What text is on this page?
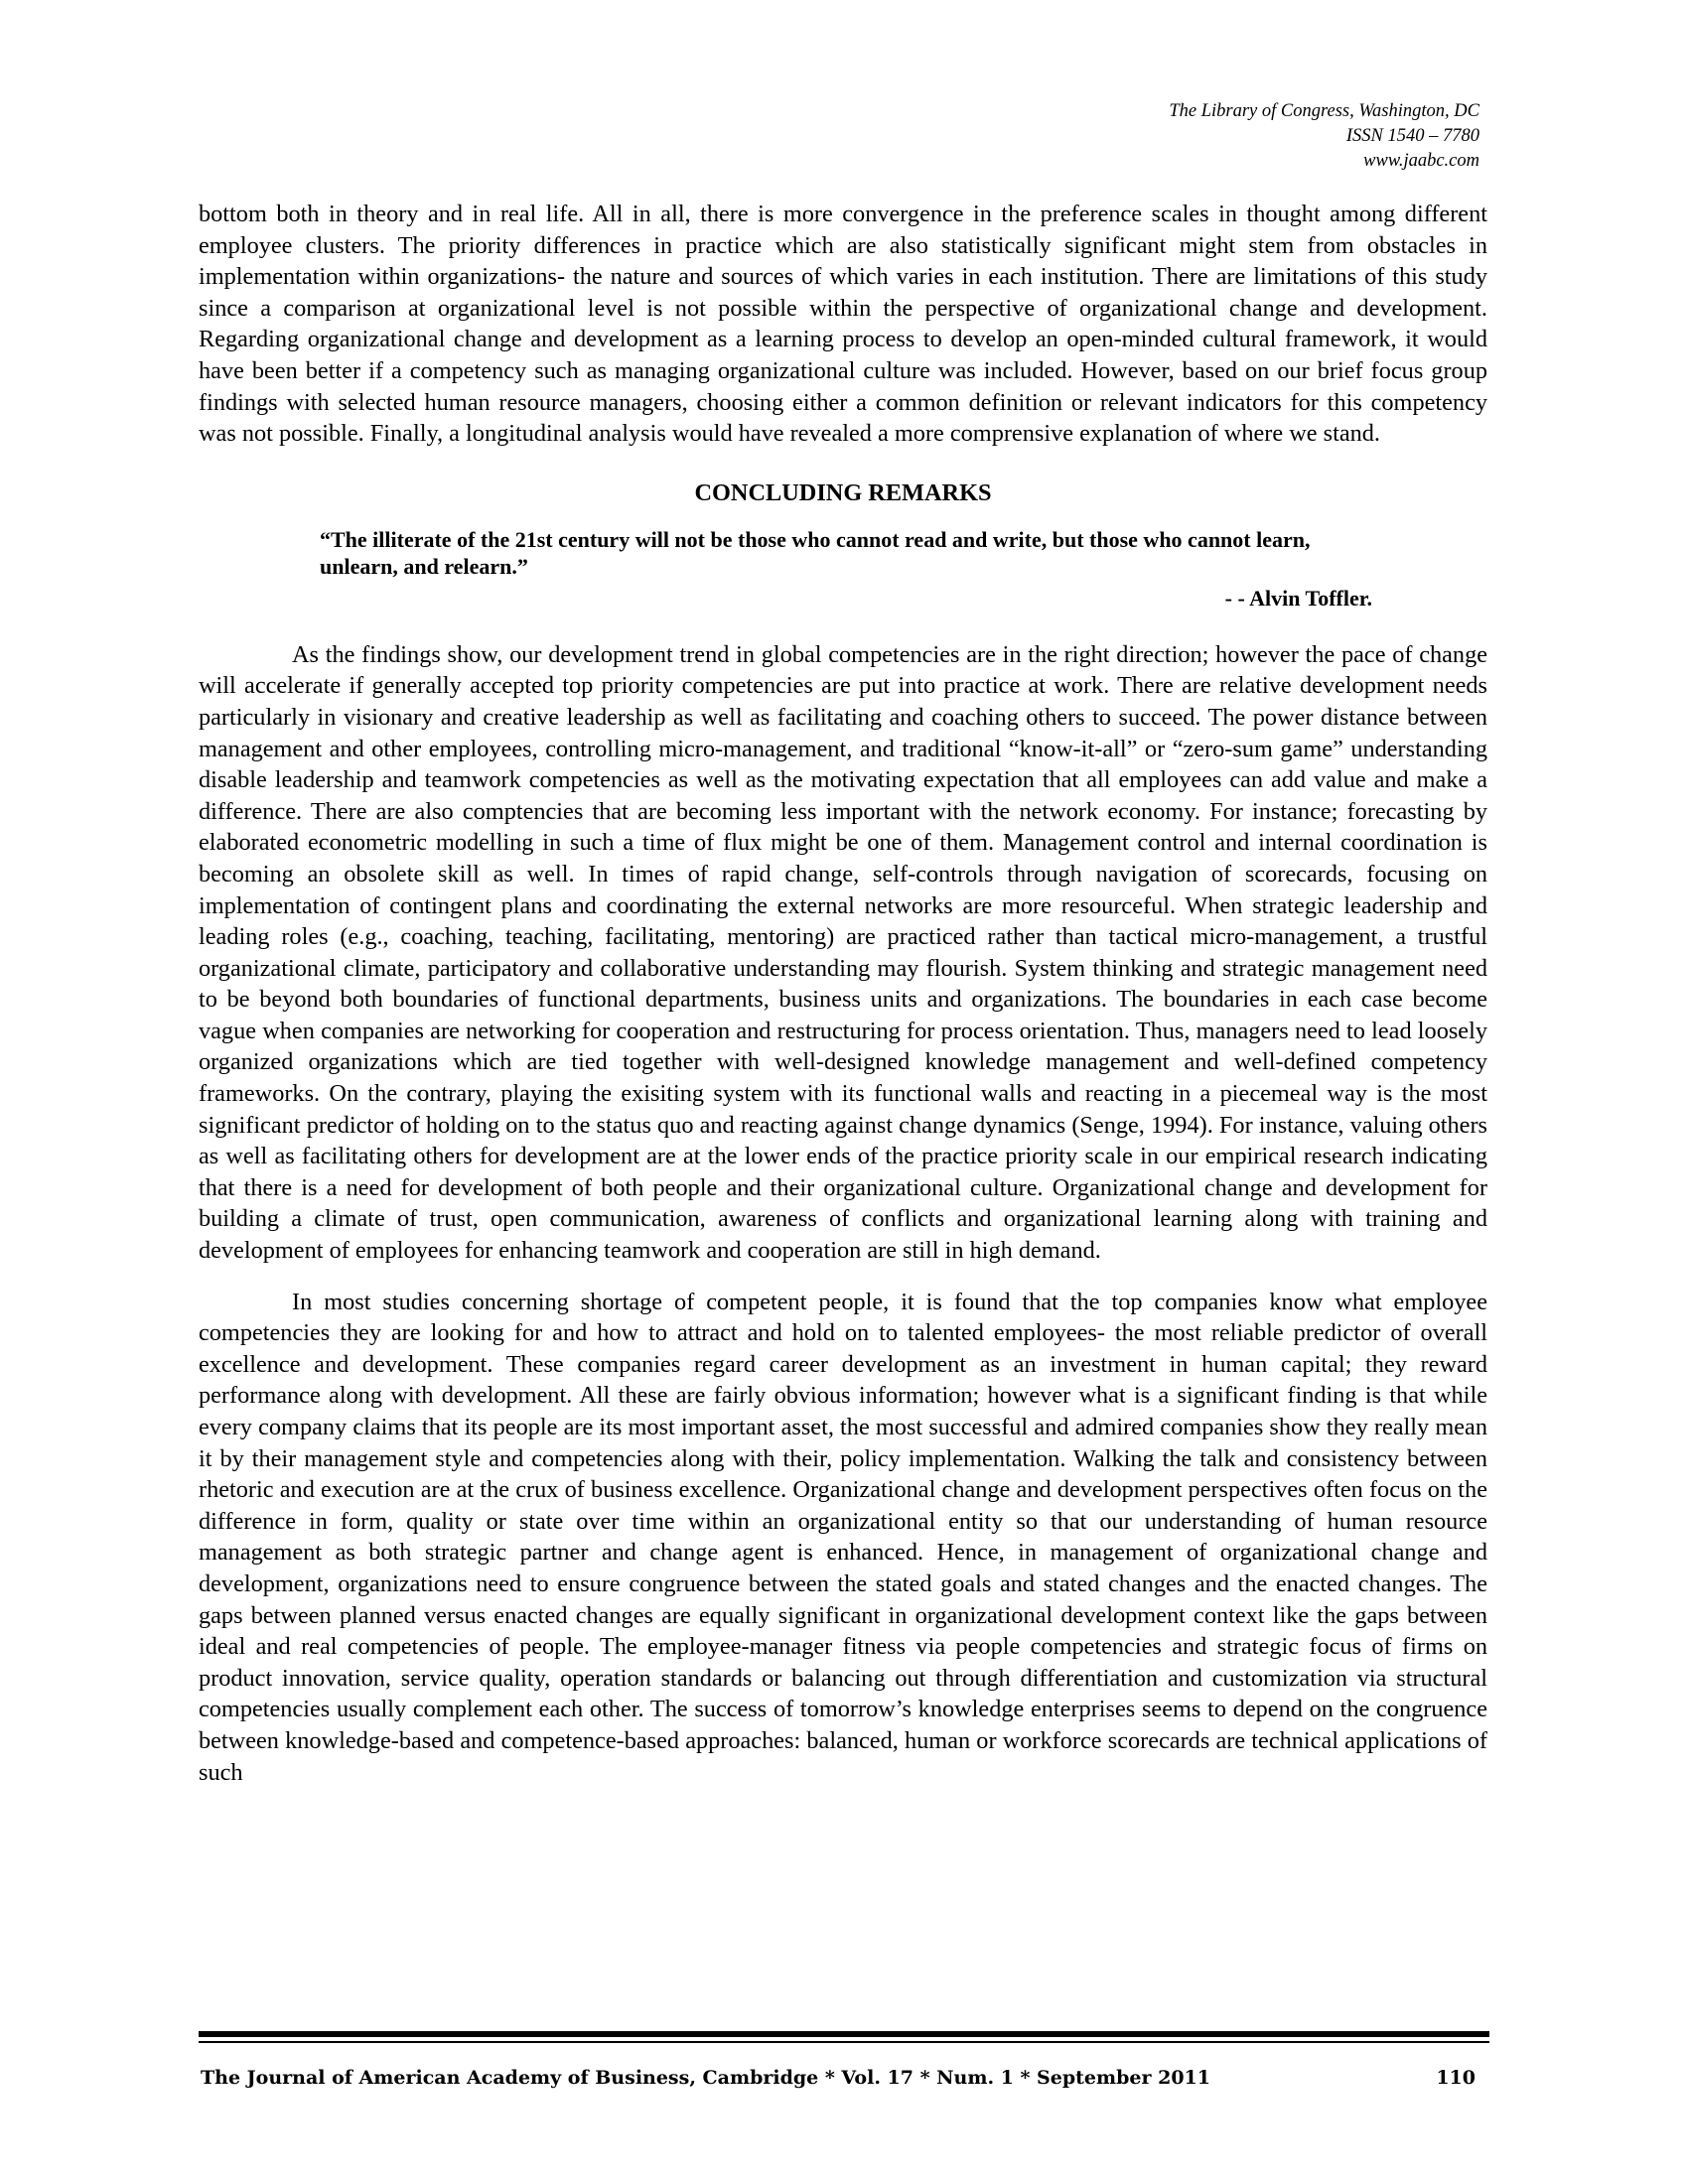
The Library of Congress, Washington, DC
ISSN 1540 – 7780
www.jaabc.com

bottom both in theory and in real life. All in all, there is more convergence in the preference scales in thought among different employee clusters. The priority differences in practice which are also statistically significant might stem from obstacles in implementation within organizations- the nature and sources of which varies in each institution. There are limitations of this study since a comparison at organizational level is not possible within the perspective of organizational change and development. Regarding organizational change and development as a learning process to develop an open-minded cultural framework, it would have been better if a competency such as managing organizational culture was included. However, based on our brief focus group findings with selected human resource managers, choosing either a common definition or relevant indicators for this competency was not possible. Finally, a longitudinal analysis would have revealed a more comprensive explanation of where we stand.

CONCLUDING REMARKS

“The illiterate of the 21st century will not be those who cannot read and write, but those who cannot learn, unlearn, and relearn.”

- - Alvin Toffler.

As the findings show, our development trend in global competencies are in the right direction; however the pace of change will accelerate if generally accepted top priority competencies are put into practice at work. There are relative development needs particularly in visionary and creative leadership as well as facilitating and coaching others to succeed. The power distance between management and other employees, controlling micro-management, and traditional “know-it-all” or “zero-sum game” understanding disable leadership and teamwork competencies as well as the motivating expectation that all employees can add value and make a difference. There are also comptencies that are becoming less important with the network economy. For instance; forecasting by elaborated econometric modelling in such a time of flux might be one of them. Management control and internal coordination is becoming an obsolete skill as well. In times of rapid change, self-controls through navigation of scorecards, focusing on implementation of contingent plans and coordinating the external networks are more resourceful. When strategic leadership and leading roles (e.g., coaching, teaching, facilitating, mentoring) are practiced rather than tactical micro-management, a trustful organizational climate, participatory and collaborative understanding may flourish. System thinking and strategic management need to be beyond both boundaries of functional departments, business units and organizations. The boundaries in each case become vague when companies are networking for cooperation and restructuring for process orientation. Thus, managers need to lead loosely organized organizations which are tied together with well-designed knowledge management and well-defined competency frameworks. On the contrary, playing the exisiting system with its functional walls and reacting in a piecemeal way is the most significant predictor of holding on to the status quo and reacting against change dynamics (Senge, 1994). For instance, valuing others as well as facilitating others for development are at the lower ends of the practice priority scale in our empirical research indicating that there is a need for development of both people and their organizational culture. Organizational change and development for building a climate of trust, open communication, awareness of conflicts and organizational learning along with training and development of employees for enhancing teamwork and cooperation are still in high demand.

In most studies concerning shortage of competent people, it is found that the top companies know what employee competencies they are looking for and how to attract and hold on to talented employees- the most reliable predictor of overall excellence and development. These companies regard career development as an investment in human capital; they reward performance along with development. All these are fairly obvious information; however what is a significant finding is that while every company claims that its people are its most important asset, the most successful and admired companies show they really mean it by their management style and competencies along with their, policy implementation. Walking the talk and consistency between rhetoric and execution are at the crux of business excellence. Organizational change and development perspectives often focus on the difference in form, quality or state over time within an organizational entity so that our understanding of human resource management as both strategic partner and change agent is enhanced. Hence, in management of organizational change and development, organizations need to ensure congruence between the stated goals and stated changes and the enacted changes. The gaps between planned versus enacted changes are equally significant in organizational development context like the gaps between ideal and real competencies of people. The employee-manager fitness via people competencies and strategic focus of firms on product innovation, service quality, operation standards or balancing out through differentiation and customization via structural competencies usually complement each other. The success of tomorrow’s knowledge enterprises seems to depend on the congruence between knowledge-based and competence-based approaches: balanced, human or workforce scorecards are technical applications of such

The Journal of American Academy of Business, Cambridge * Vol. 17 * Num. 1 * September 2011	110
